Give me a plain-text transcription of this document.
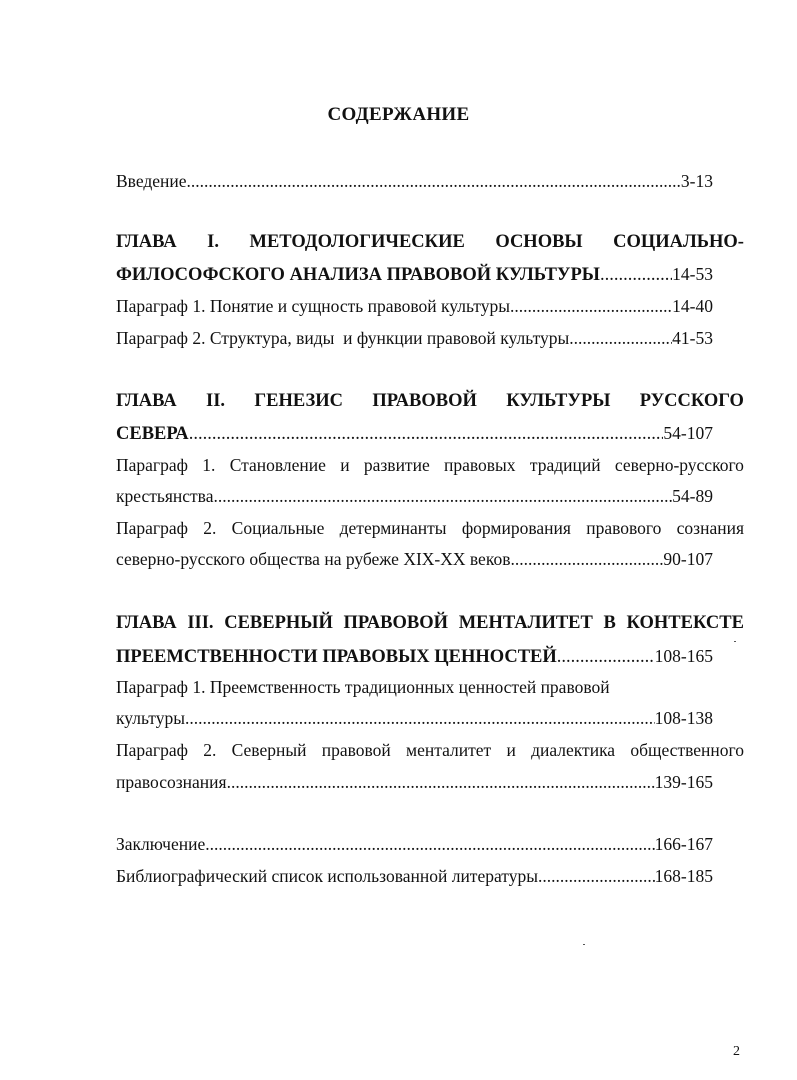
СОДЕРЖАНИЕ
Введение .....	3-13
ГЛАВА I. МЕТОДОЛОГИЧЕСКИЕ ОСНОВЫ СОЦИАЛЬНО-
ФИЛОСОФСКОГО АНАЛИЗА ПРАВОВОЙ КУЛЬТУРЫ .....	14-53
Параграф 1. Понятие и сущность правовой культуры .....	14-40
Параграф 2. Структура, виды  и функции правовой культуры .....	41-53
ГЛАВА II. ГЕНЕЗИС ПРАВОВОЙ КУЛЬТУРЫ РУССКОГО
СЕВЕРА .....	54-107
Параграф 1. Становление и развитие правовых традиций северно-русского
крестьянства .....	54-89
Параграф 2. Социальные детерминанты формирования правового сознания
северно-русского общества на рубеже XIX-XX веков .....	90-107
ГЛАВА III. СЕВЕРНЫЙ ПРАВОВОЙ МЕНТАЛИТЕТ В КОНТЕКСТЕ
ПРЕЕМСТВЕННОСТИ ПРАВОВЫХ ЦЕННОСТЕЙ .....	108-165
Параграф 1. Преемственность традиционных ценностей правовой
культуры .....	108-138
Параграф 2. Северный правовой менталитет и диалектика общественного
правосознания .....	139-165
Заключение .....	166-167
Библиографический список использованной литературы .....	168-185
2
